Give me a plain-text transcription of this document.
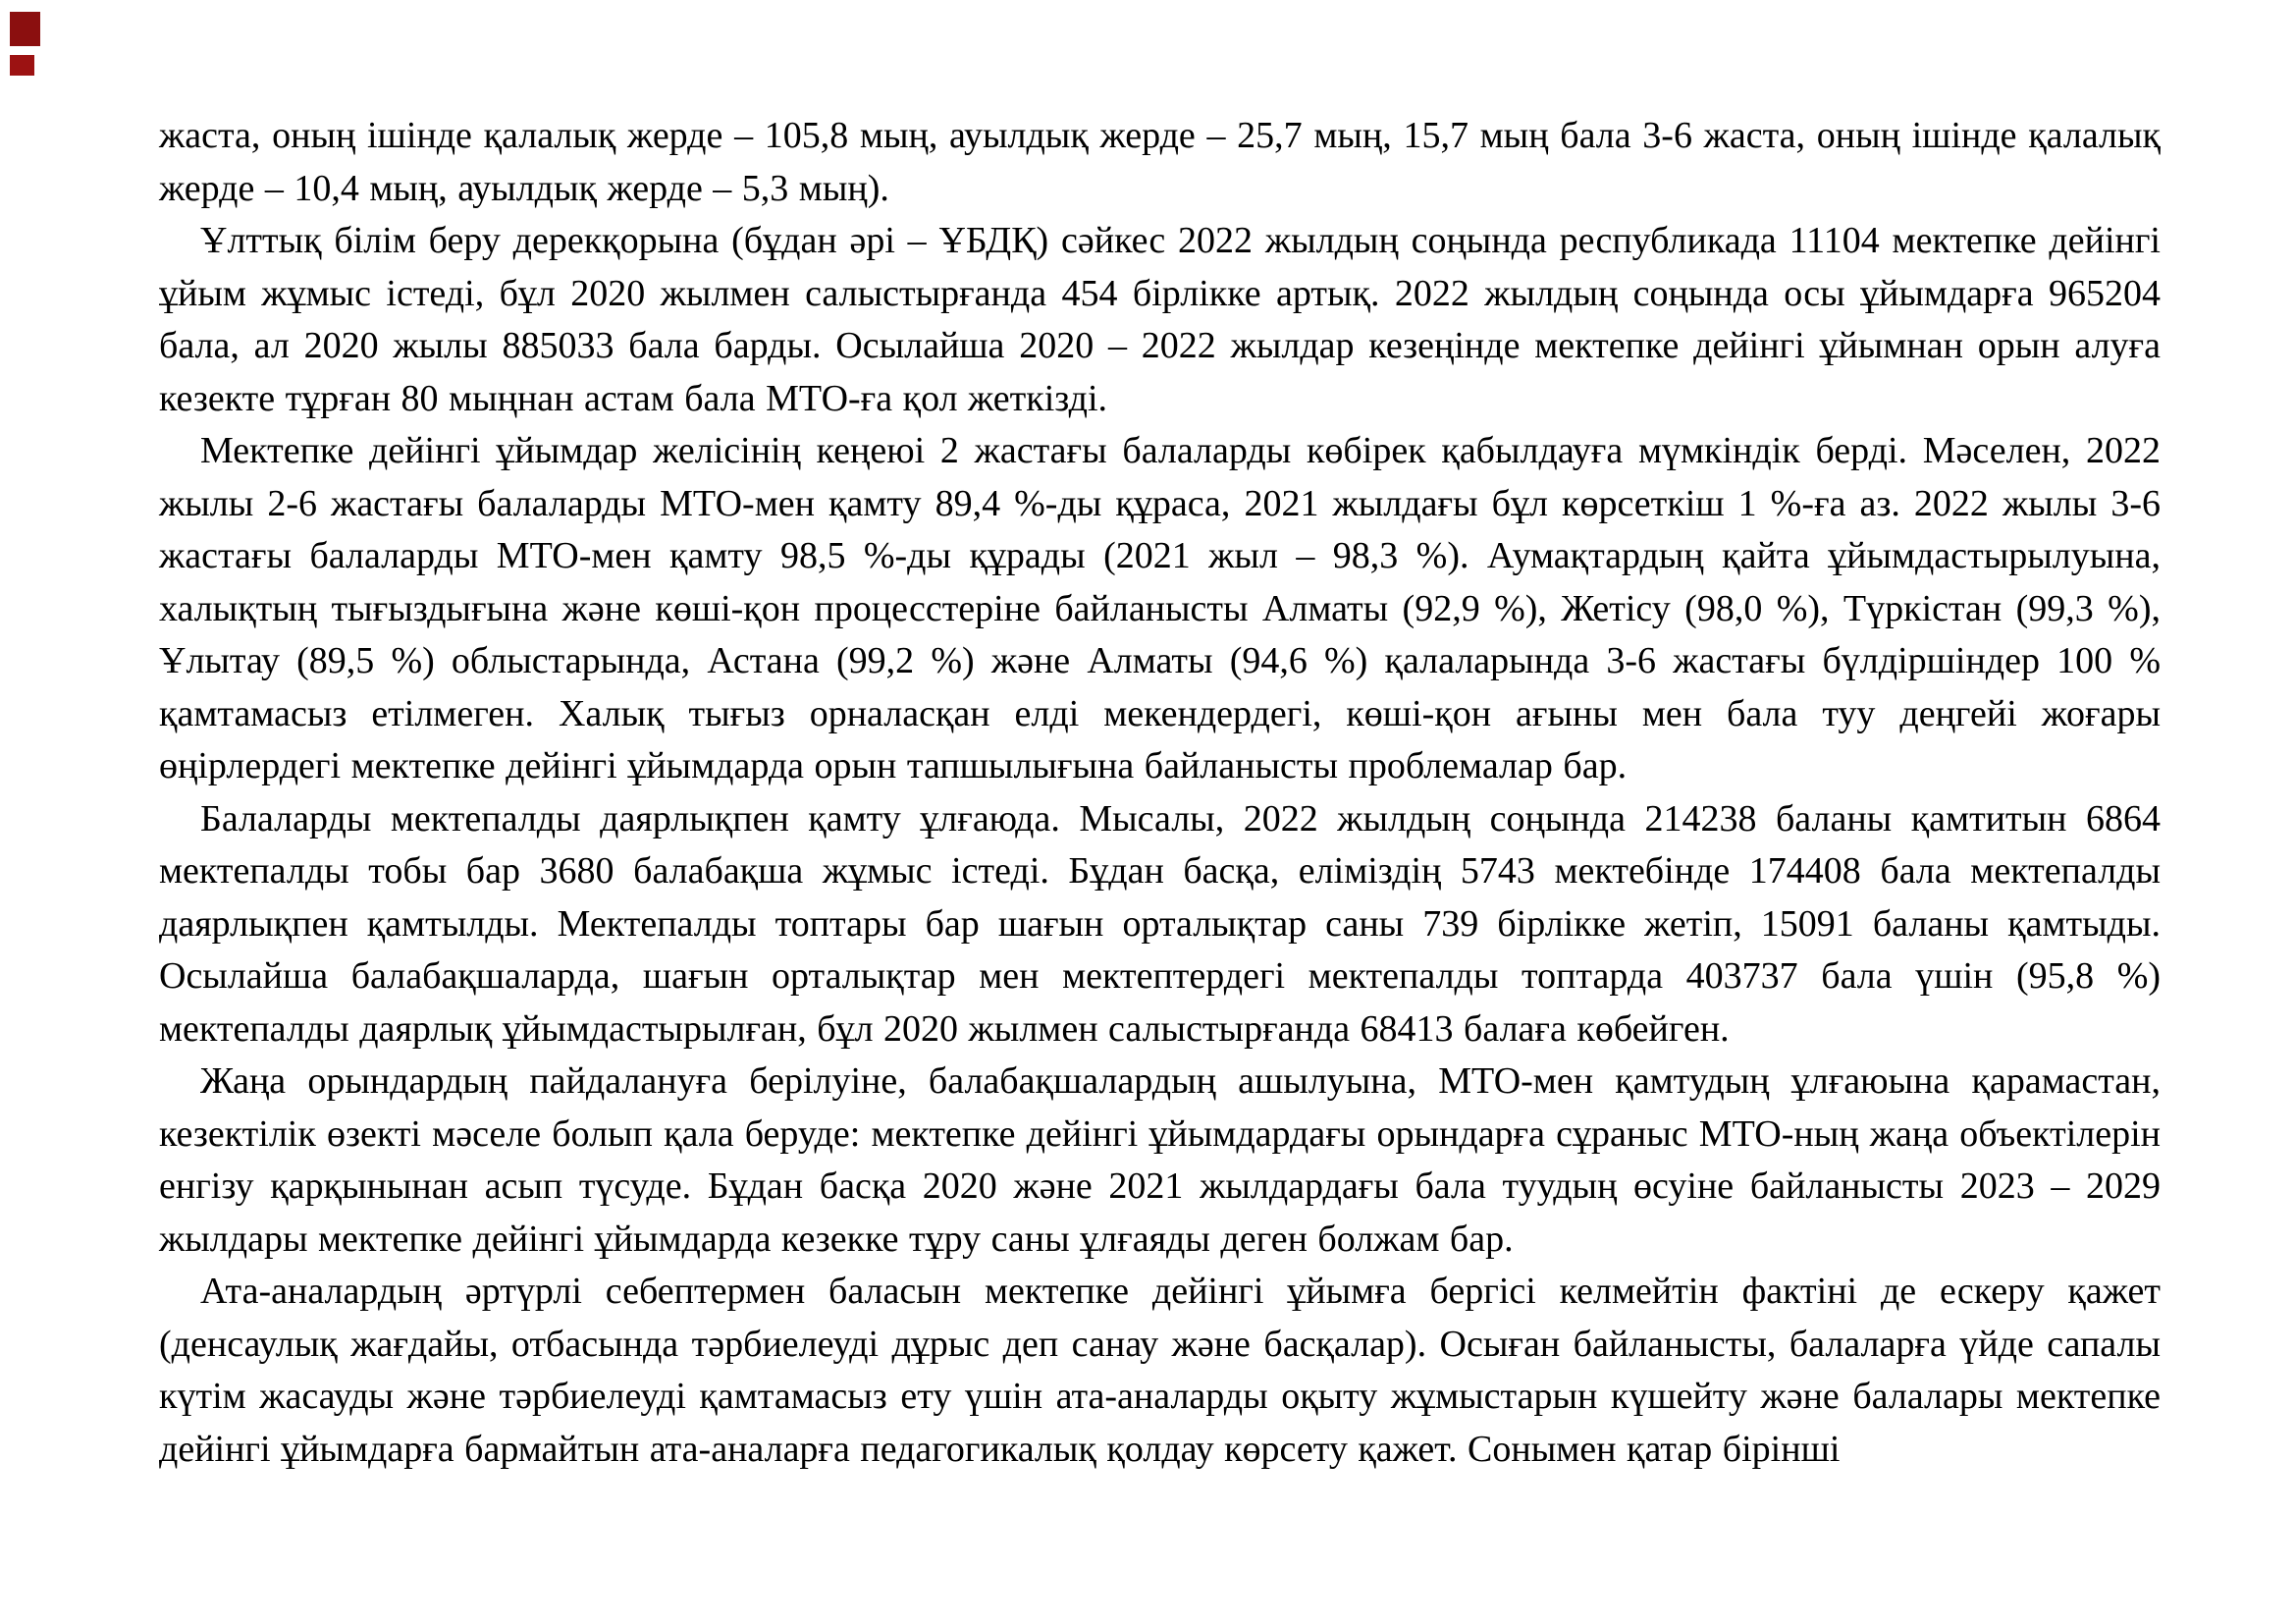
жаста, оның ішінде қалалық жерде – 105,8 мың, ауылдық жерде – 25,7 мың, 15,7 мың бала 3-6 жаста, оның ішінде қалалық жерде – 10,4 мың, ауылдық жерде – 5,3 мың).

Ұлттық білім беру дерекқорына (бұдан әрі – ҰБДҚ) сәйкес 2022 жылдың соңында республикада 11104 мектепке дейінгі ұйым жұмыс істеді, бұл 2020 жылмен салыстырғанда 454 бірлікке артық. 2022 жылдың соңында осы ұйымдарға 965204 бала, ал 2020 жылы 885033 бала барды. Осылайша 2020 – 2022 жылдар кезеңінде мектепке дейінгі ұйымнан орын алуға кезекте тұрған 80 мыңнан астам бала МТО-ға қол жеткізді.

Мектепке дейінгі ұйымдар желісінің кеңеюі 2 жастағы балаларды көбірек қабылдауға мүмкіндік берді. Мәселен, 2022 жылы 2-6 жастағы балаларды МТО-мен қамту 89,4 %-ды құраса, 2021 жылдағы бұл көрсеткіш 1 %-ға аз. 2022 жылы 3-6 жастағы балаларды МТО-мен қамту 98,5 %-ды құрады (2021 жыл – 98,3 %). Аумақтардың қайта ұйымдастырылуына, халықтың тығыздығына және көші-қон процесстеріне байланысты Алматы (92,9 %), Жетісу (98,0 %), Түркістан (99,3 %), Ұлытау (89,5 %) облыстарында, Астана (99,2 %) және Алматы (94,6 %) қалаларында 3-6 жастағы бүлдіршіндер 100 % қамтамасыз етілмеген. Халық тығыз орналасқан елді мекендердегі, көші-қон ағыны мен бала туу деңгейі жоғары өңірлердегі мектепке дейінгі ұйымдарда орын тапшылығына байланысты проблемалар бар.

Балаларды мектепалды даярлықпен қамту ұлғаюда. Мысалы, 2022 жылдың соңында 214238 баланы қамтитын 6864 мектепалды тобы бар 3680 балабақша жұмыс істеді. Бұдан басқа, еліміздің 5743 мектебінде 174408 бала мектепалды даярлықпен қамтылды. Мектепалды топтары бар шағын орталықтар саны 739 бірлікке жетіп, 15091 баланы қамтыды. Осылайша балабақшаларда, шағын орталықтар мен мектептердегі мектепалды топтарда 403737 бала үшін (95,8 %) мектепалды даярлық ұйымдастырылған, бұл 2020 жылмен салыстырғанда 68413 балаға көбейген.

Жаңа орындардың пайдалануға берілуіне, балабақшалардың ашылуына, МТО-мен қамтудың ұлғаюына қарамастан, кезектілік өзекті мәселе болып қала беруде: мектепке дейінгі ұйымдардағы орындарға сұраныс МТО-ның жаңа объектілерін енгізу қарқынынан асып түсуде. Бұдан басқа 2020 және 2021 жылдардағы бала туудың өсуіне байланысты 2023 – 2029 жылдары мектепке дейінгі ұйымдарда кезекке тұру саны ұлғаяды деген болжам бар.

Ата-аналардың әртүрлі себептермен баласын мектепке дейінгі ұйымға бергісі келмейтін фактіні де ескеру қажет (денсаулық жағдайы, отбасында тәрбиелеуді дұрыс деп санау және басқалар). Осыған байланысты, балаларға үйде сапалы күтім жасауды және тәрбиелеуді қамтамасыз ету үшін ата-аналарды оқыту жұмыстарын күшейту және балалары мектепке дейінгі ұйымдарға бармайтын ата-аналарға педагогикалық қолдау көрсету қажет. Сонымен қатар бірінші
